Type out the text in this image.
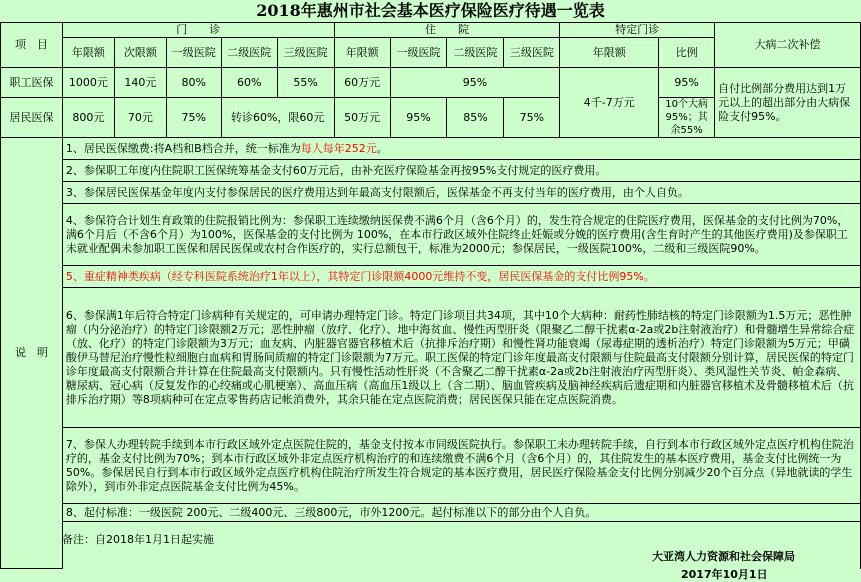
2018年惠州市社会基本医疗保险医疗待遇一览表
项　目	门　　诊					住　　院				特定门诊		大病二次补偿
	年限额	次限额	一级医院	二级医院	三级医院	年限额	一级医院	二级医院	三级医院	年限额	比例	
职工医保	1000元	140元	80%	60%	55%	60万元	95%			4千-7万元	95%	自付比例部分费用达到1万元以上的超出部分由大病保险支付95%。
居民医保	800元	70元	75%	转诊60%，限60元		50万元	95%	85%	75%		10个大病95%；其余55%	
说　明	1、居民医保缴费:将A档和B档合并，统一标准为每人每年252元。											
	2、参保职工年度内住院职工医保统筹基金支付60万元后，由补充医疗保险基金再按95%支付规定的医疗费用。											
	3、参保居民医保基金年度内支付参保居民的医疗费用达到年最高支付限额后，医保基金不再支付当年的医疗费用，由个人自负。											
	4、参保符合计划生育政策的住院报销比例为：参保职工连续缴纳医保费不满6个月（含6个月）的，发生符合规定的住院医疗费用，医保基金的支付比例为70%，满6个月后（不含6个月）为100%，医保基金的支付比例为 100%，在本市行政区域外住院终止妊娠或分娩的医疗费用(含生育时产生的其他医疗费用)及参保职工未就业配偶未参加职工医保和居民医保或农村合作医疗的，实行总额包干，标准为2000元；参保居民，一级医院100%，二级和三级医院90%。											
	5、重症精神类疾病（经专科医院系统治疗1年以上），其特定门诊限额4000元维持不变，居民医保基金的支付比例95%。											
	6、参保满1年后符合特定门诊病种有关规定的，可申请办理特定门诊。特定门诊项目共34项，其中10个大病种：耐药性肺结核的特定门诊限额为1.5万元；恶性肿瘤（内分泌治疗）的特定门诊限额2万元；恶性肿瘤（放疗、化疗）、地中海贫血、慢性丙型肝炎（限聚乙二醇干扰素α-2a或2b注射液治疗）和骨髓增生异常综合症（放、化疗）的特定门诊限额为3万元；血友病、内脏器官器官移植术后（抗排斥治疗期）和慢性肾功能衰竭（尿毒症期的透析治疗）特定门诊限额为5万元；甲磺酸伊马替尼治疗慢性粒细胞白血病和胃肠间质瘤的特定门诊限额为7万元。职工医保的特定门诊年度最高支付限额与住院最高支付限额分别计算，居民医保的特定门诊年度最高支付限额合并计算在住院最高支付限额内。只有慢性活动性肝炎（不含聚乙二醇干扰素α-2a或2b注射液治疗丙型肝炎）、类风湿性关节炎、帕金森病、糖尿病、冠心病（反复发作的心绞痛或心肌梗塞）、高血压病（高血压1级以上（含二期）、脑血管疾病及脑神经疾病后遗症期和内脏器官移植术及骨髓移植术后（抗排斥治疗期）等8项病种可在定点零售药店记帐消费外，其余只能在定点医院消费；居民医保只能在定点医院消费。											
	7、参保人办理转院手续到本市行政区域外定点医院住院的，基金支付按本市同级医院执行。参保职工未办理转院手续，自行到本市行政区域外定点医疗机构住院治疗的，基金支付比例为70%；到本市行政区域外非定点医疗机构治疗的和连续缴费不满6个月（含6个月）的，其住院发生的基本医疗费用，基金支付比例统一为50%。参保居民自行到本市行政区域外定点医疗机构住院治疗所发生符合规定的基本医疗费用，居民医疗保险基金支付比例分别减少20个百分点（异地就读的学生除外），到市外非定点医院基金支付比例为45%。											
	8、起付标准：一级医院 200元、二级400元、三级800元，市外1200元。起付标准以下的部分由个人自负。											

备注：自2018年1月1日起实施
大亚湾人力资源和社会保障局
2017年10月1日
